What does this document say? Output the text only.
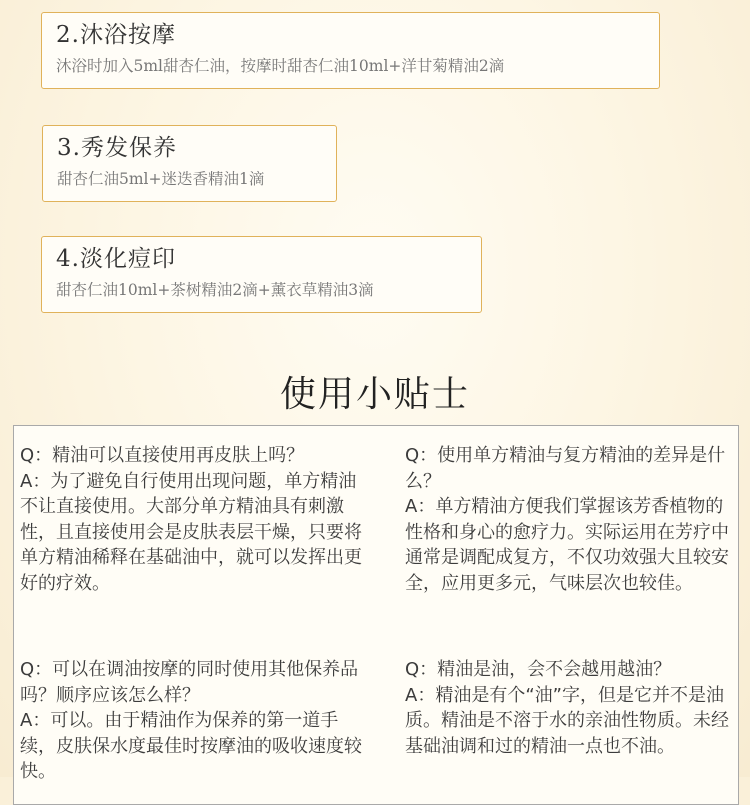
2.沐浴按摩
沐浴时加入5ml甜杏仁油，按摩时甜杏仁油10ml+洋甘菊精油2滴
3.秀发保养
甜杏仁油5ml+迷迭香精油1滴
4.淡化痘印
甜杏仁油10ml+茶树精油2滴+薰衣草精油3滴
使用小贴士
Q：精油可以直接使用再皮肤上吗？
A：为了避免自行使用出现问题，单方精油不让直接使用。大部分单方精油具有刺激性，且直接使用会是皮肤表层干燥，只要将单方精油稀释在基础油中，就可以发挥出更好的疗效。
Q：使用单方精油与复方精油的差异是什么？
A：单方精油方便我们掌握该芳香植物的性格和身心的愈疗力。实际运用在芳疗中通常是调配成复方，不仅功效强大且较安全，应用更多元，气味层次也较佳。
Q：可以在调油按摩的同时使用其他保养品吗？顺序应该怎么样？
A：可以。由于精油作为保养的第一道手续，皮肤保水度最佳时按摩油的吸收速度较快。
Q：精油是油，会不会越用越油？
A：精油是有个“油”字，但是它并不是油质。精油是不溶于水的亲油性物质。未经基础油调和过的精油一点也不油。
